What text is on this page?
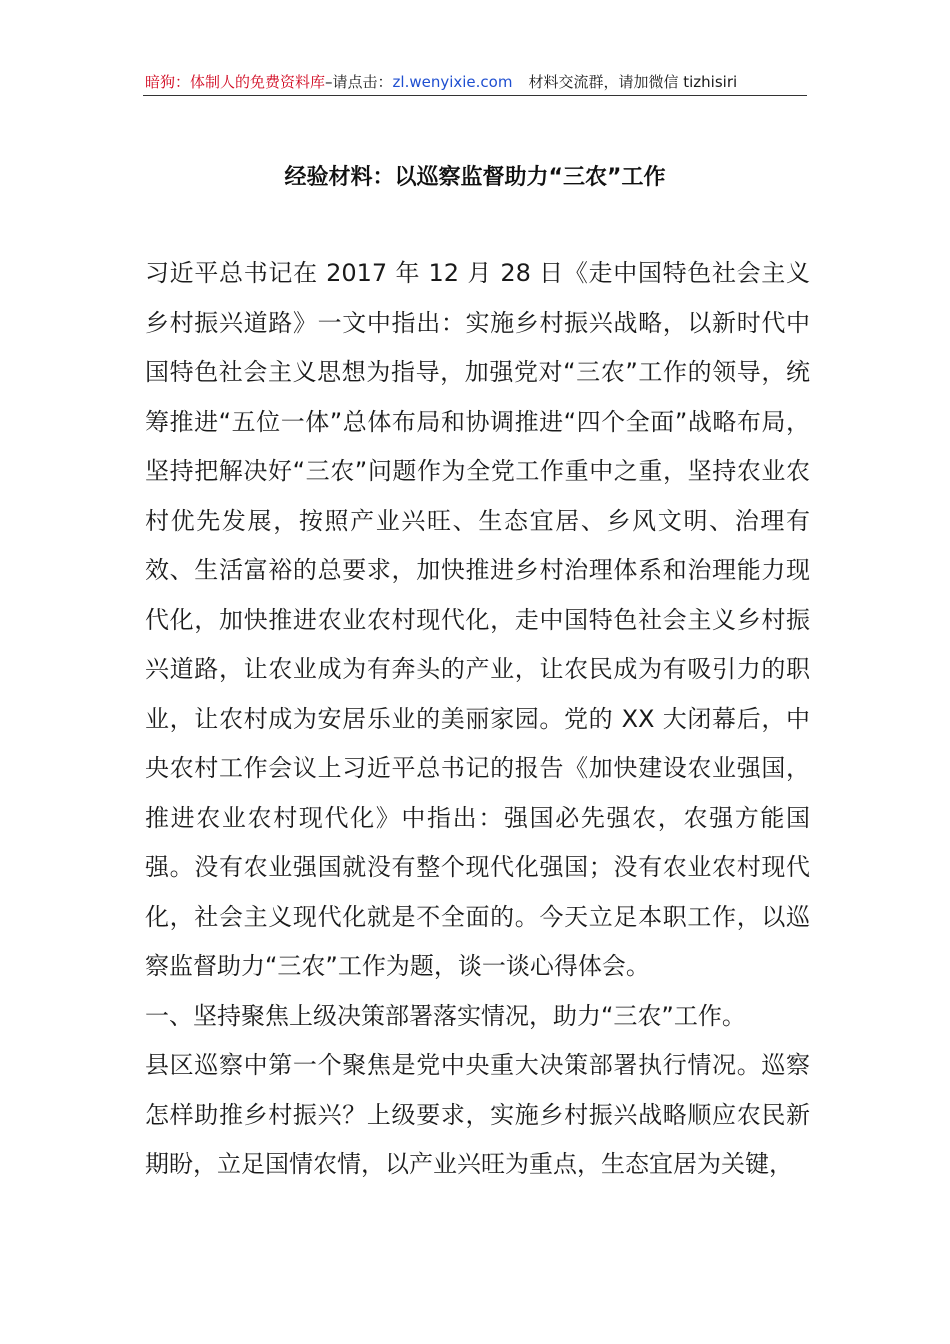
暗狗：体制人的免费资料库–请点击：zl.wenyixie.com 材料交流群，请加微信 tizhisiri
经验材料：以巡察监督助力“三农”工作

习近平总书记在 2017 年 12 月 28 日《走中国特色社会主义乡村振兴道路》一文中指出：实施乡村振兴战略，以新时代中国特色社会主义思想为指导，加强党对“三农”工作的领导，统筹推进“五位一体”总体布局和协调推进“四个全面”战略布局，坚持把解决好“三农”问题作为全党工作重中之重，坚持农业农村优先发展，按照产业兴旺、生态宜居、乡风文明、治理有效、生活富裕的总要求，加快推进乡村治理体系和治理能力现代化，加快推进农业农村现代化，走中国特色社会主义乡村振兴道路，让农业成为有奔头的产业，让农民成为有吸引力的职业，让农村成为安居乐业的美丽家园。党的 XX 大闭幕后，中央农村工作会议上习近平总书记的报告《加快建设农业强国，推进农业农村现代化》中指出：强国必先强农，农强方能国强。没有农业强国就没有整个现代化强国；没有农业农村现代化，社会主义现代化就是不全面的。今天立足本职工作，以巡察监督助力“三农”工作为题，谈一谈心得体会。

一、坚持聚焦上级决策部署落实情况，助力“三农”工作。

县区巡察中第一个聚焦是党中央重大决策部署执行情况。巡察怎样助推乡村振兴？上级要求，实施乡村振兴战略顺应农民新期盼，立足国情农情，以产业兴旺为重点，生态宜居为关键，
